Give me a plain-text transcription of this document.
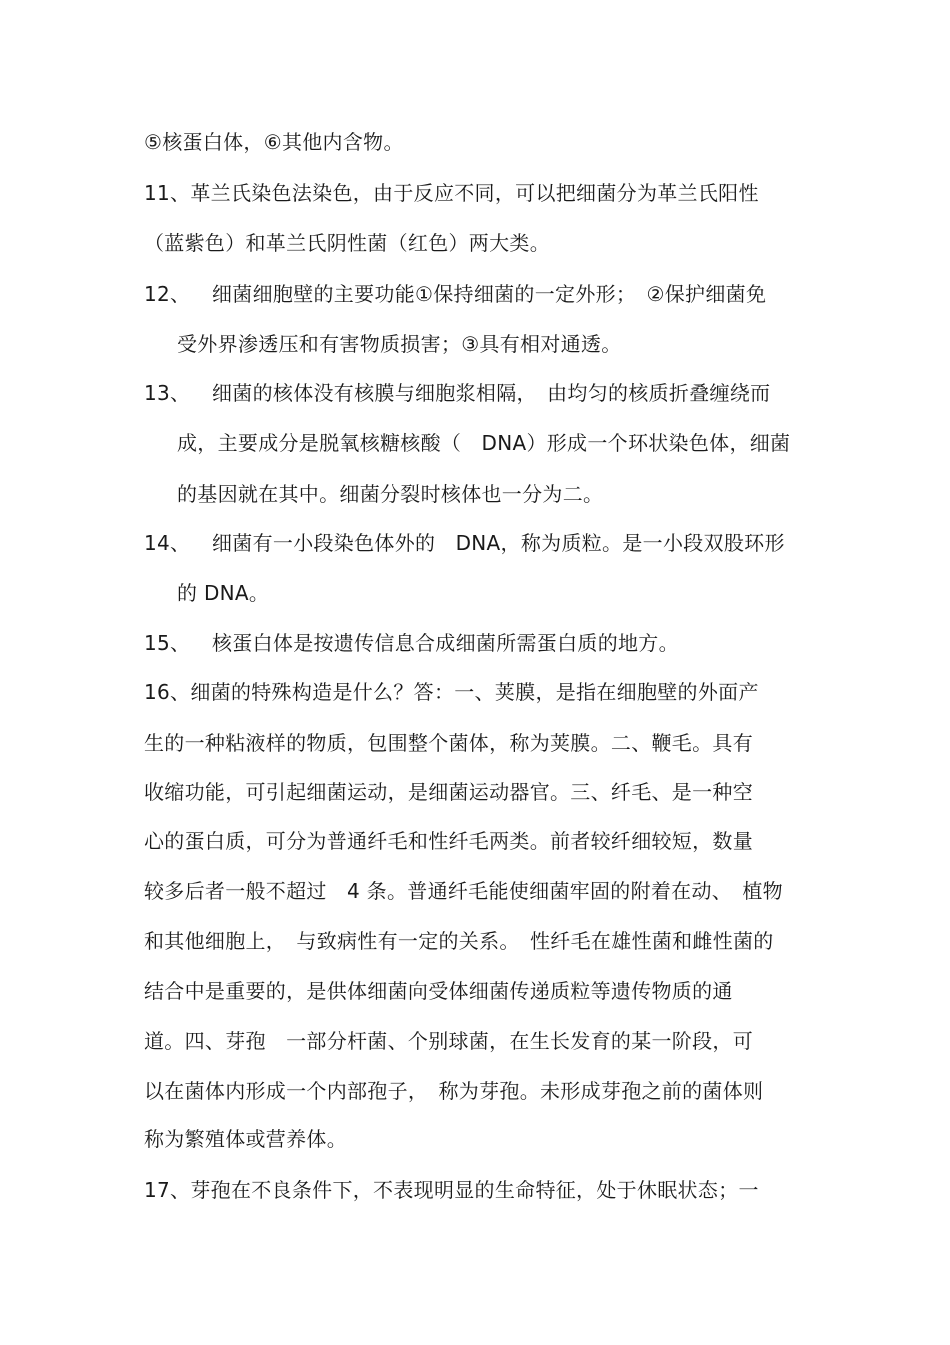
⑤核蛋白体，⑥其他内含物。
11、革兰氏染色法染色，由于反应不同，可以把细菌分为革兰氏阳性
（蓝紫色）和革兰氏阴性菌（红色）两大类。
12、 细菌细胞壁的主要功能①保持细菌的一定外形；　②保护细菌免
受外界渗透压和有害物质损害；③具有相对通透。
13、 细菌的核体没有核膜与细胞浆相隔，　由均匀的核质折叠缠绕而
成，主要成分是脱氧核糖核酸（　DNA）形成一个环状染色体，细菌
的基因就在其中。细菌分裂时核体也一分为二。
14、 细菌有一小段染色体外的　DNA，称为质粒。是一小段双股环形
的 DNA。
15、 核蛋白体是按遗传信息合成细菌所需蛋白质的地方。
16、细菌的特殊构造是什么？答：一、荚膜，是指在细胞壁的外面产
生的一种粘液样的物质，包围整个菌体，称为荚膜。二、鞭毛。具有
收缩功能，可引起细菌运动，是细菌运动器官。三、纤毛、是一种空
心的蛋白质，可分为普通纤毛和性纤毛两类。前者较纤细较短，数量
较多后者一般不超过　4 条。普通纤毛能使细菌牢固的附着在动、　植物
和其他细胞上，　与致病性有一定的关系。　性纤毛在雄性菌和雌性菌的
结合中是重要的，是供体细菌向受体细菌传递质粒等遗传物质的通
道。四、芽孢　一部分杆菌、个别球菌，在生长发育的某一阶段，可
以在菌体内形成一个内部孢子，　称为芽孢。未形成芽孢之前的菌体则
称为繁殖体或营养体。
17、芽孢在不良条件下，不表现明显的生命特征，处于休眠状态；一
